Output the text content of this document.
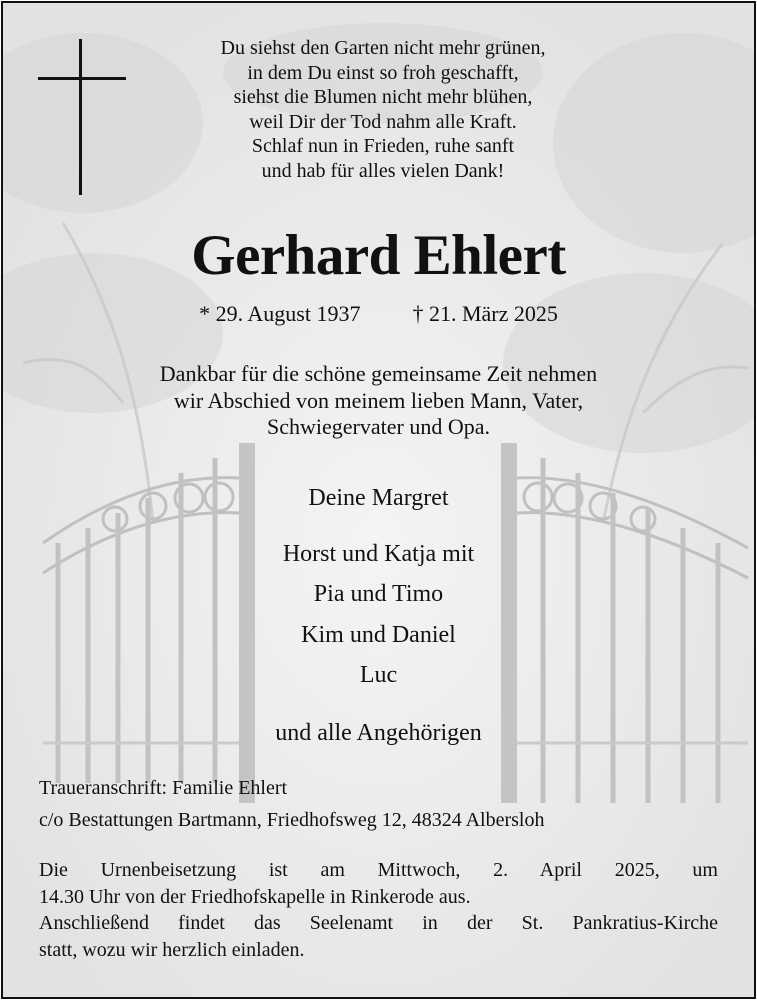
Du siehst den Garten nicht mehr grünen,
in dem Du einst so froh geschafft,
siehst die Blumen nicht mehr blühen,
weil Dir der Tod nahm alle Kraft.
Schlaf nun in Frieden, ruhe sanft
und hab für alles vielen Dank!
Gerhard Ehlert
* 29. August 1937 † 21. März 2025
Dankbar für die schöne gemeinsame Zeit nehmen
wir Abschied von meinem lieben Mann, Vater,
Schwiegervater und Opa.
Deine Margret
Horst und Katja mit
Pia und Timo
Kim und Daniel
Luc
und alle Angehörigen
Traueranschrift: Familie Ehlert
c/o Bestattungen Bartmann, Friedhofsweg 12, 48324 Albersloh
Die Urnenbeisetzung ist am Mittwoch, 2. April 2025, um
14.30 Uhr von der Friedhofskapelle in Rinkerode aus.
Anschließend findet das Seelenamt in der St. Pankratius-Kirche
statt, wozu wir herzlich einladen.
